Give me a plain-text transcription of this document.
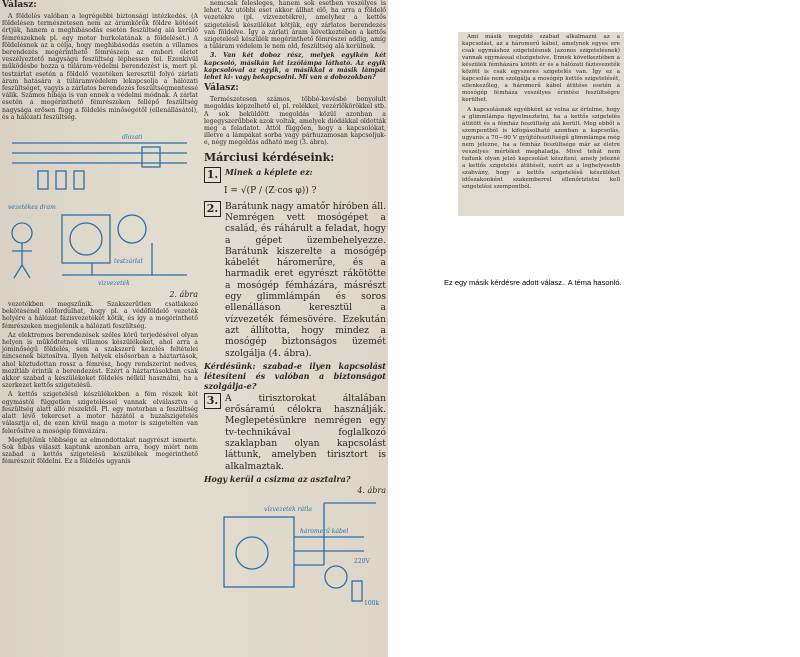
Válasz:
A földelés valóban a legrégebbi biztonsági intézkedés. (A földelésen természetesen nem az áramkörök földre kötését értjük, hanem a meghibásodás esetén feszültség alá kerülő fémrészeknek pl. egy motor burkolatának a földelését.) A földelésnek az a célja, hogy meghibásodás esetén a villamos berendezés megérinthető fémrészein az emberi életet veszélyeztető nagyságú feszültség léphessen fel. Ezenkívül működésbe hozza a túláram-védelmi berendezést is, mert pl. testzárlat esetén a földelő vezetéken keresztül folyó zárlati áram hatására a túláramvédelem lekapcsolja a hálózati feszültséget, vagyis a zárlatos berendezés feszültségmentessé válik. Számos hibája is van ennek a védelmi módnak. A zárlat esetén a megérinthető fémrészeken fellépő feszültség nagysága erősen függ a földelés minőségétől (ellenállásától), és a hálózati feszültség.
dlozati
vezetékes dram
testzárlat
vizvezeték
2. ábra
vezetékben megszűnik. Szakszerűtlen csatlakozó bekötésénél előfordulhat, hogy pl. a védőföldelő vezeték helyére a hálózat fázisvezetékét kötik, és így a megérinthető fémrészeken megjelenik a hálózati feszültség.
Az elektromos berendezések széles körű terjedésével olyan helyen is működtetnek villamos készülékeket, ahol arra a jóminőségű földelés, sem a szakszerű kezelés feltételei nincsenek biztosítva. Ilyen helyek elsősorban a háztartások, ahol köztudottan rossz a fémrész, hogy rendszerint nedves, mezítláb érintik a berendezést. Ezért a háztartásokban csak akkor szabad a készülékeket földelés nélkül használni, ha a szerkezet kettős szigetelésű.
A kettős szigetelésű készülékekben a fém részek két egymástól független szigeteléssel vannak elválasztva a feszültség alatt álló részektől. Pl. egy motorban a feszültség alatt lévő tekercset a motor házától a huzalszigetelés választja el, de ezen kívül maga a motor is szigetelten van felerősítve a mosógép fémvázára.
Megfejtőink többsége az elmondottakat nagyrészt ismerte. Sok hibás választ kaptunk azonban arra, hogy miért nem szabad a kettős szigetelésű készülékek megérinthető fémrészeit földelni. Ez a földelés ugyanis
nemcsak felesleges, hanem sok esetben veszélyes is lehet. Az utóbbi eset akkor állhat elő, ha arra a földelő vezetékre (pl. vízvezetékre), amelyhez a kettős szigetelésű készüléket kötjük, egy zárlatos berendezés van földelve. Így a zárlati áram következtében a kettős szigetelésű készülék megérinthető fémrészei addig, amíg a túláram védelem le nem old, feszültség alá kerülnek.
3. Van két doboz rész, melyek egyikén két kapcsoló, másikán két izzólámpa látható. Az egyik kapcsolóval az egyik, a másikkal a másik lámpát lehet ki- vagy bekapcsolni. Mi van a dobozokban?
Válasz:
Természetesen számos, többé-kevésbé bonyolult megoldás képzelhető el, pl. relékkel, vezérlőkörökkel stb. A sok beküldött megoldás közül azonban a legegyszerűbbek azok voltak, amelyek diódákkal oldották meg a feladatot. Attól függően, hogy a kapcsolókat, illetve a lámpákat sorba vagy párhuzamosan kapcsoljuk-e, négy megoldás adható meg (3. ábra).
Márciusi kérdéseink:
1. Minek a képlete ez:
I = √(P / (Z·cos φ)) ?
2. Barátunk nagy amatőr híróben áll. Nemrégen vett mosógépet a család, és ráhárult a feladat, hogy a gépet üzembehelyezze. Barátunk kiszerelte a mosógép kábelét háromerűre, és a harmadik eret egyrészt rákötötte a mosógép fémházára, másrészt egy glimmlámpán és soros ellenálláson keresztül a vízvezeték fémesövére. Ezekután azt állította, hogy mindez a mosógép biztonságos üzemét szolgálja (4. ábra).
Kérdésünk: szabad-e ilyen kapcsolást létesíteni és valóban a biztonságot szolgálja-e?
3. A tirisztorokat általában erősáramú célokra használják. Meglepetésünkre nemrégen egy tv-technikával foglalkozó szaklapban olyan kapcsolást láttunk, amelyben tirisztort is alkalmaztak.
Hogy kerül a csizma az asztalra?
4. ábra
vízvezeték rátla
háromerű kábel
220V
100k
Ami másik megoldó szabad alkalmazni az a kapcsolást, az a háromerű kábel, amelynek egyes ere csak egymáshoz szigetelésnek (azonos szigetelésnek) vannak egymással elszigetelve. Ennek következtében a készülék fémházára kötött ér és a hálózati fázisvezeték között is csak egyszeres szigetelés van. Így ez a kapcsolás nem szolgálja a mosógép kettős szigetelését, ellenkezőleg, a háromerű kábel átütése esetén a mosógép fémháza veszélyes érintési feszültségre kerülhet.
A kapcsolásnak egyébként az volna az értelme, hogy a glimmlámpa figyelmeztetni, ha a kettős szigetelés átütött és a fémház feszültség alá került. Meg ebből a szempontból is kifogásolható azonban a kapcsolás, ugyanis a 70—90 V gyújtófeszültségű glimmlámpa még nem jelezne, ha a fémház feszültsége már az életre veszélyes mértéket meghaladja. Mivel tehát nem tudunk olyan jelző kapcsolást készíteni, amely jelezné a kettős szigetelés átütését, ezért az a leghelyesebb szabvány, hogy a kettős szigetelésű készüléket időszakonként szakemberrel ellenőriztetni kell szigetelési szempontból.
Ez egy másik kérdésre adott válasz.. A téma hasonló.
